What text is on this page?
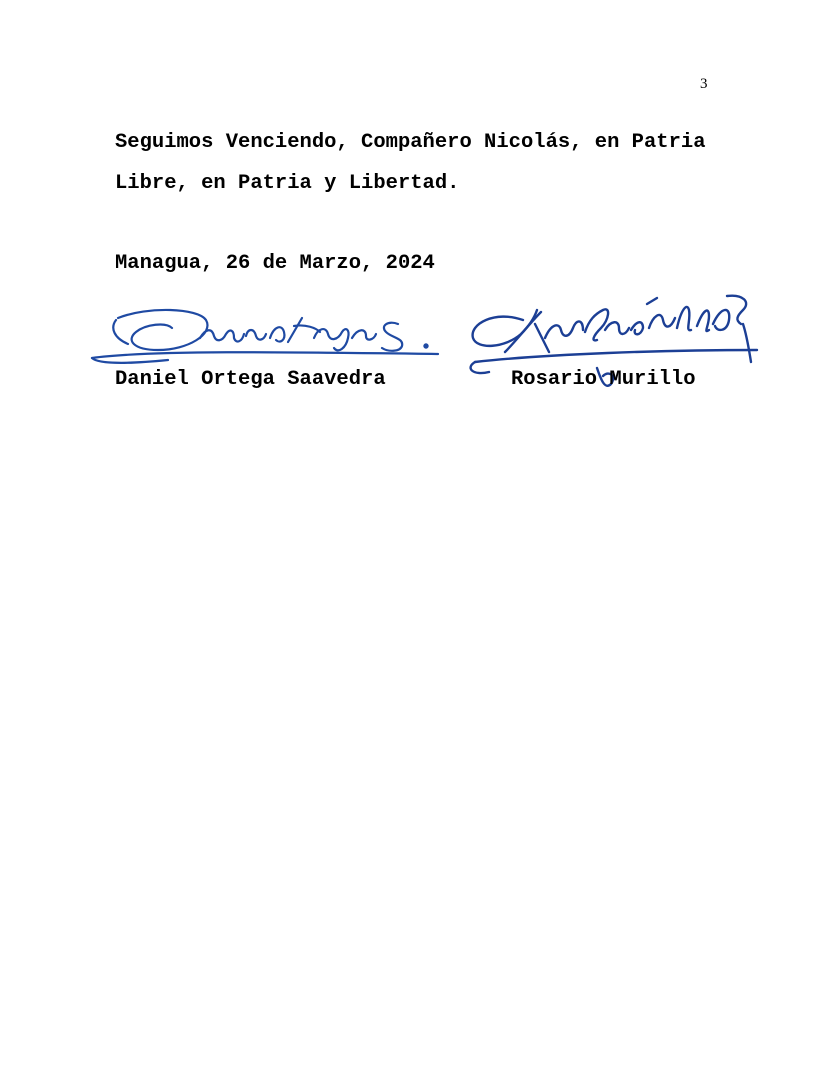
3
Seguimos Venciendo, Compañero Nicolás, en Patria
Libre, en Patria y Libertad.
Managua, 26 de Marzo, 2024
Daniel Ortega Saavedra	Rosario Murillo
